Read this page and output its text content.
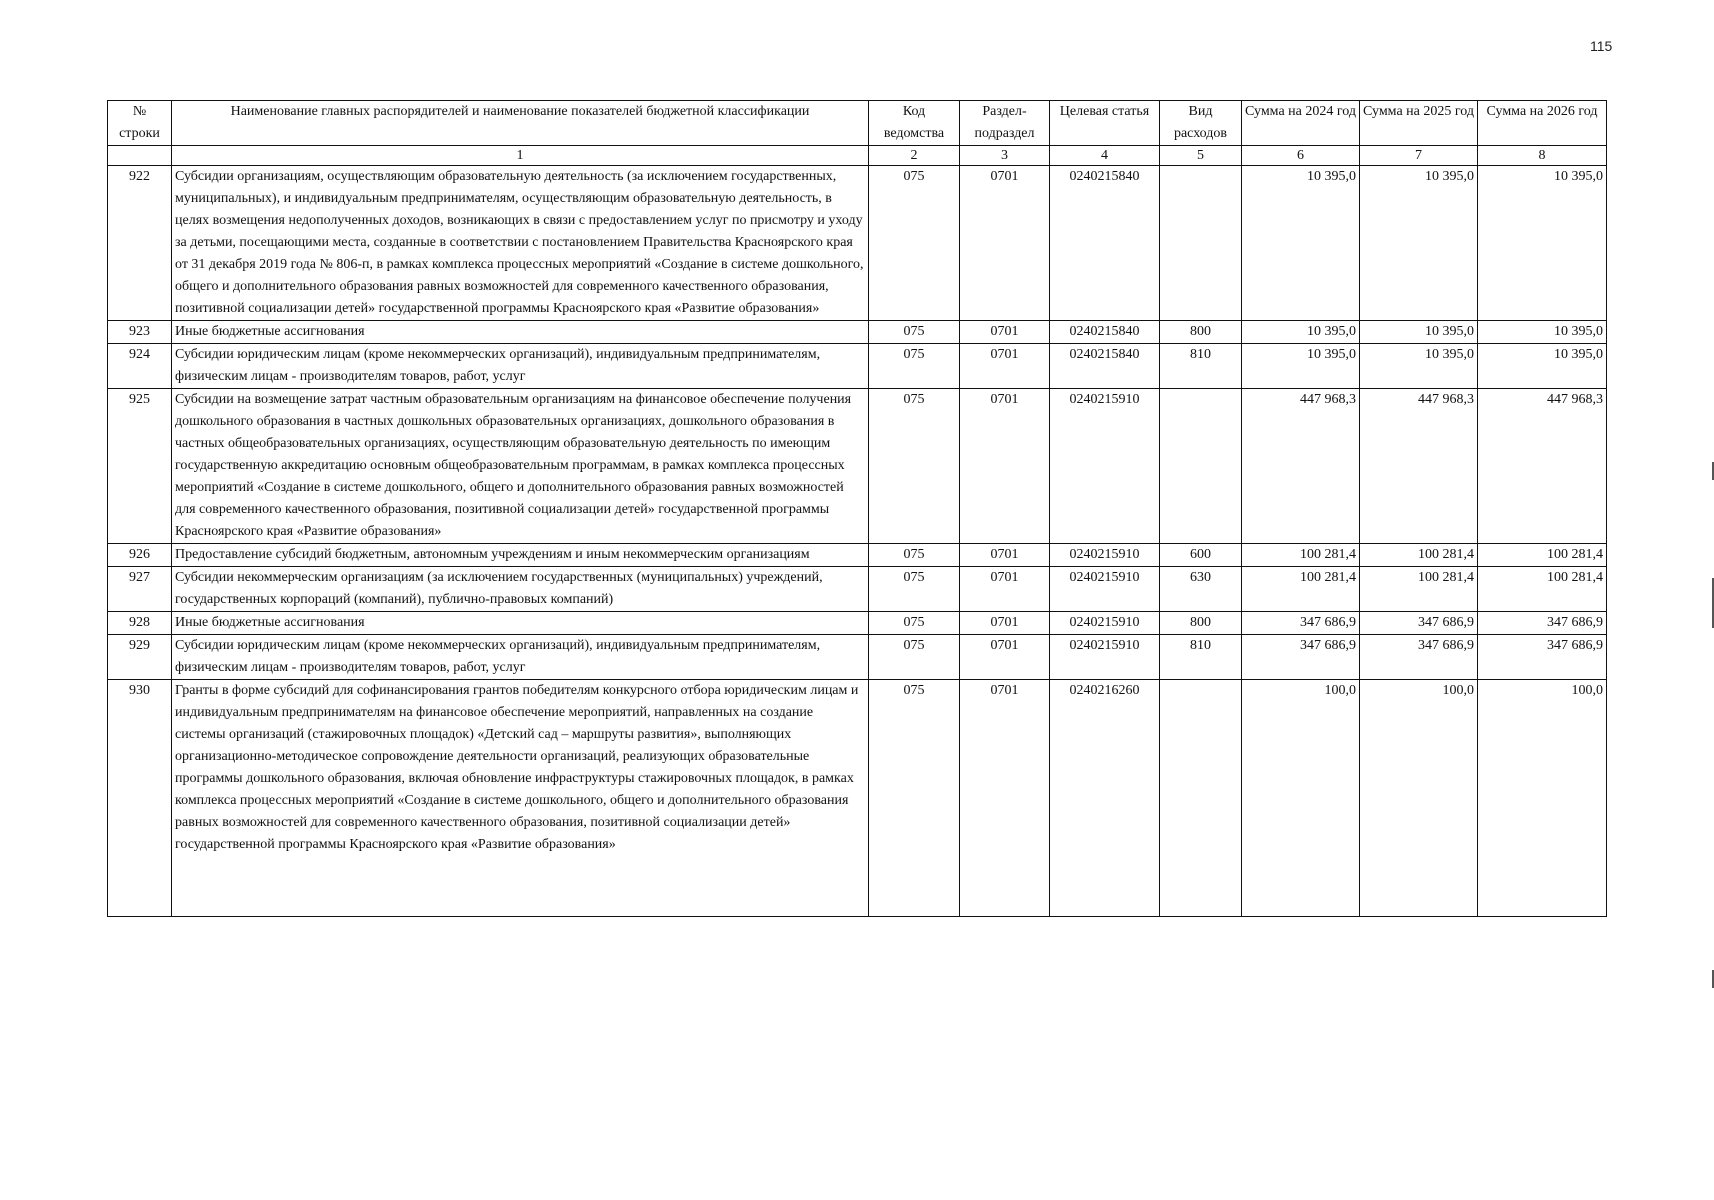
115
№ строки	Наименование главных распорядителей и наименование показателей бюджетной классификации	Код ведомства	Раздел-подраздел	Целевая статья	Вид расходов	Сумма на 2024 год	Сумма на 2025 год	Сумма на 2026 год
	1	2	3	4	5	6	7	8
922	Субсидии организациям, осуществляющим образовательную деятельность (за исключением государственных, муниципальных), и индивидуальным предпринимателям, осуществляющим образовательную деятельность, в целях возмещения недополученных доходов, возникающих в связи с предоставлением услуг по присмотру и уходу за детьми, посещающими места, созданные в соответствии с постановлением Правительства Красноярского края от 31 декабря 2019 года № 806-п, в рамках комплекса процессных мероприятий «Создание в системе дошкольного, общего и дополнительного образования равных возможностей для современного качественного образования, позитивной социализации детей» государственной программы Красноярского края «Развитие образования»	075	0701	0240215840		10 395,0	10 395,0	10 395,0
923	Иные бюджетные ассигнования	075	0701	0240215840	800	10 395,0	10 395,0	10 395,0
924	Субсидии юридическим лицам (кроме некоммерческих организаций), индивидуальным предпринимателям, физическим лицам - производителям товаров, работ, услуг	075	0701	0240215840	810	10 395,0	10 395,0	10 395,0
925	Субсидии на возмещение затрат частным образовательным организациям на финансовое обеспечение получения дошкольного образования в частных дошкольных образовательных организациях, дошкольного образования в частных общеобразовательных организациях, осуществляющим образовательную деятельность по имеющим государственную аккредитацию основным общеобразовательным программам, в рамках комплекса процессных мероприятий «Создание в системе дошкольного, общего и дополнительного образования равных возможностей для современного качественного образования, позитивной социализации детей» государственной программы Красноярского края «Развитие образования»	075	0701	0240215910		447 968,3	447 968,3	447 968,3
926	Предоставление субсидий бюджетным, автономным учреждениям и иным некоммерческим организациям	075	0701	0240215910	600	100 281,4	100 281,4	100 281,4
927	Субсидии некоммерческим организациям (за исключением государственных (муниципальных) учреждений, государственных корпораций (компаний), публично-правовых компаний)	075	0701	0240215910	630	100 281,4	100 281,4	100 281,4
928	Иные бюджетные ассигнования	075	0701	0240215910	800	347 686,9	347 686,9	347 686,9
929	Субсидии юридическим лицам (кроме некоммерческих организаций), индивидуальным предпринимателям, физическим лицам - производителям товаров, работ, услуг	075	0701	0240215910	810	347 686,9	347 686,9	347 686,9
930	Гранты в форме субсидий для софинансирования грантов победителям конкурсного отбора юридическим лицам и индивидуальным предпринимателям на финансовое обеспечение мероприятий, направленных на создание системы организаций (стажировочных площадок) «Детский сад – маршруты развития», выполняющих организационно-методическое сопровождение деятельности организаций, реализующих образовательные программы дошкольного образования, включая обновление инфраструктуры стажировочных площадок, в рамках комплекса процессных мероприятий «Создание в системе дошкольного, общего и дополнительного образования равных возможностей для современного качественного образования, позитивной социализации детей» государственной программы Красноярского края «Развитие образования»	075	0701	0240216260		100,0	100,0	100,0
